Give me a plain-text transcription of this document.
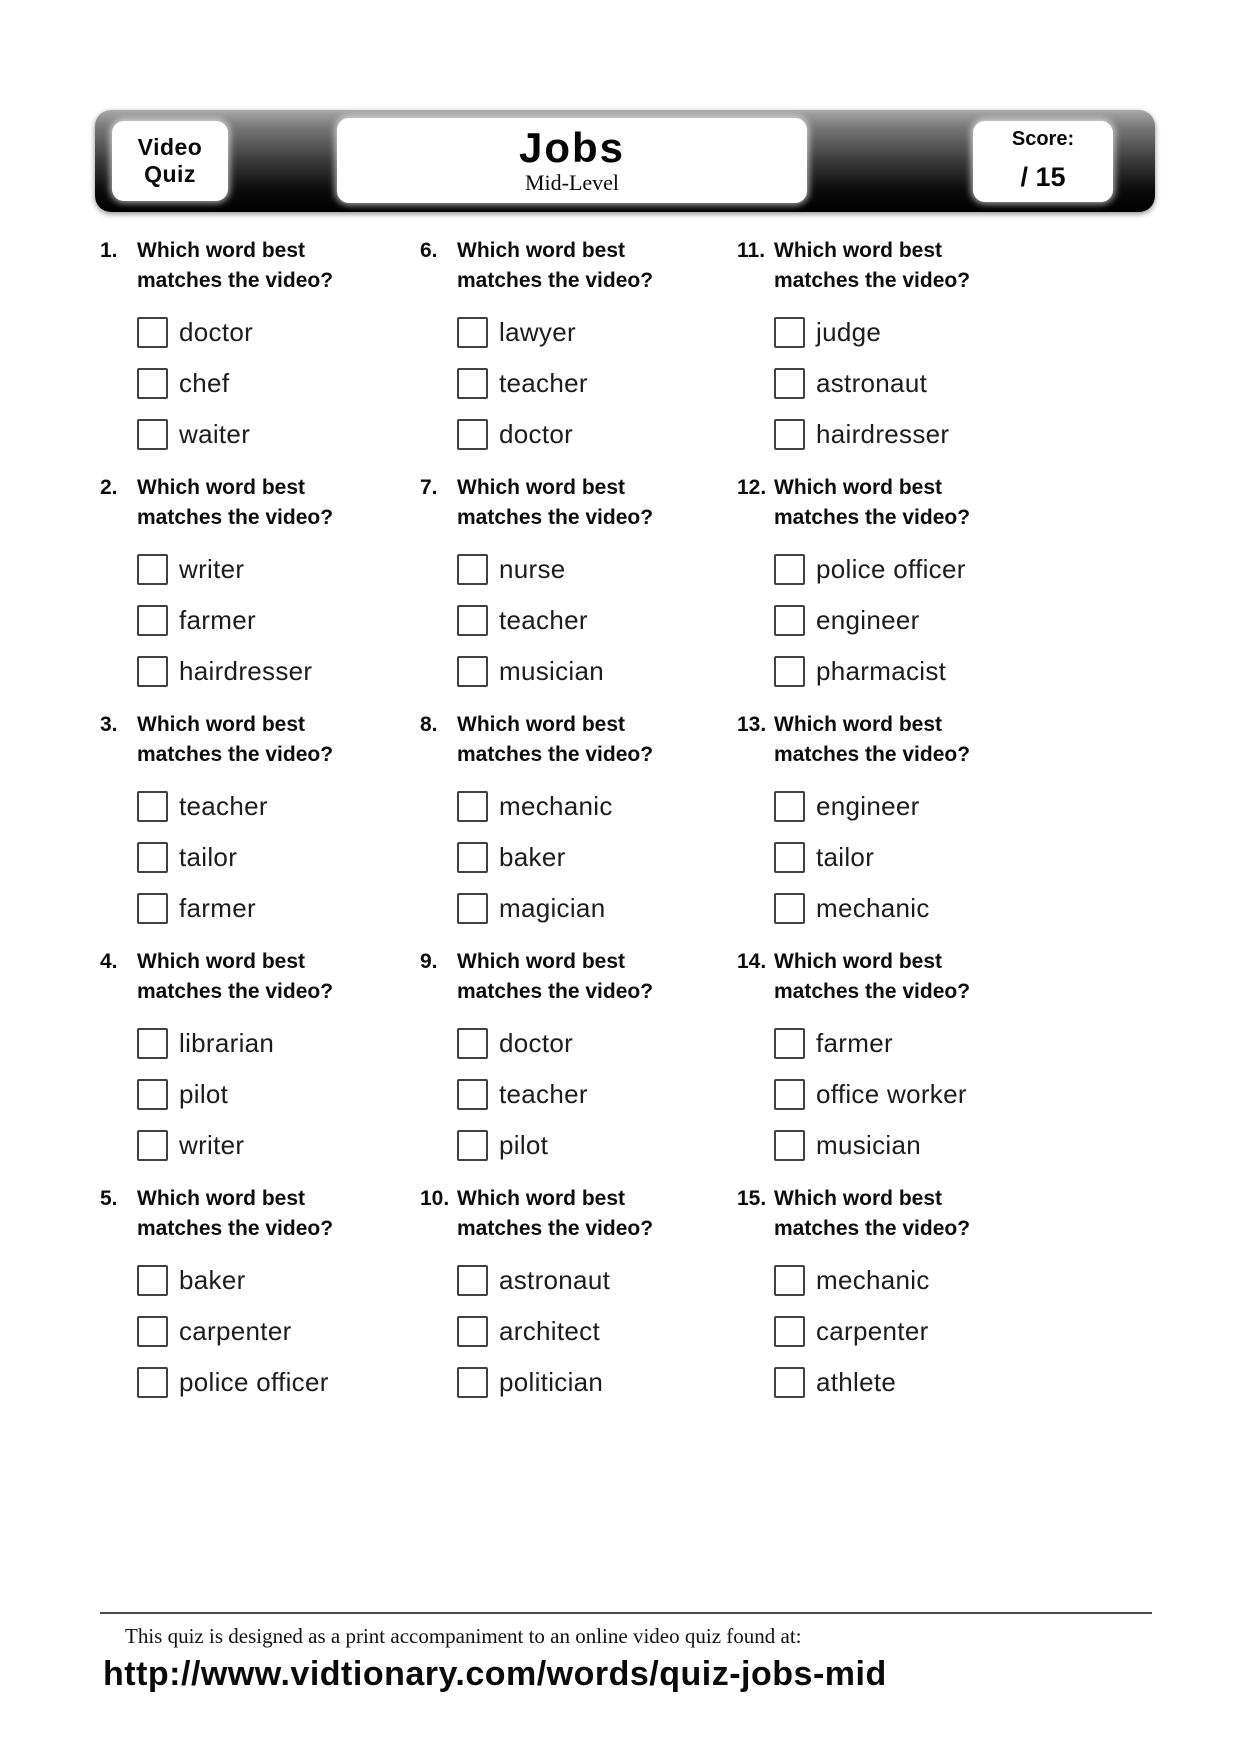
Video
Quiz
Jobs
Mid-Level
Score:
/ 15
1. Which word best matches the video?
doctor
chef
waiter
2. Which word best matches the video?
writer
farmer
hairdresser
3. Which word best matches the video?
teacher
tailor
farmer
4. Which word best matches the video?
librarian
pilot
writer
5. Which word best matches the video?
baker
carpenter
police officer
6. Which word best matches the video?
lawyer
teacher
doctor
7. Which word best matches the video?
nurse
teacher
musician
8. Which word best matches the video?
mechanic
baker
magician
9. Which word best matches the video?
doctor
teacher
pilot
10. Which word best matches the video?
astronaut
architect
politician
11. Which word best matches the video?
judge
astronaut
hairdresser
12. Which word best matches the video?
police officer
engineer
pharmacist
13. Which word best matches the video?
engineer
tailor
mechanic
14. Which word best matches the video?
farmer
office worker
musician
15. Which word best matches the video?
mechanic
carpenter
athlete

This quiz is designed as a print accompaniment to an online video quiz found at:

http://www.vidtionary.com/words/quiz-jobs-mid
